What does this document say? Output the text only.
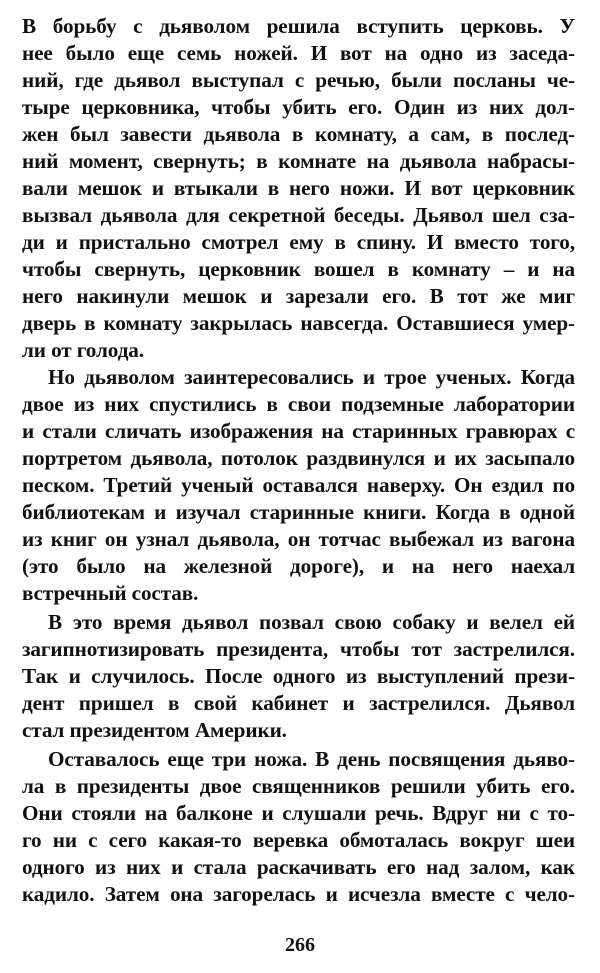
В борьбу с дьяволом решила вступить церковь. У
нее было еще семь ножей. И вот на одно из заседа-
ний, где дьявол выступал с речью, были посланы че-
тыре церковника, чтобы убить его. Один из них дол-
жен был завести дьявола в комнату, а сам, в послед-
ний момент, свернуть; в комнате на дьявола набрасы-
вали мешок и втыкали в него ножи. И вот церковник
вызвал дьявола для секретной беседы. Дьявол шел сза-
ди и пристально смотрел ему в спину. И вместо того,
чтобы свернуть, церковник вошел в комнату – и на
него накинули мешок и зарезали его. В тот же миг
дверь в комнату закрылась навсегда. Оставшиеся умер-
ли от голода.
Но дьяволом заинтересовались и трое ученых. Когда
двое из них спустились в свои подземные лаборатории
и стали сличать изображения на старинных гравюрах с
портретом дьявола, потолок раздвинулся и их засыпало
песком. Третий ученый оставался наверху. Он ездил по
библиотекам и изучал старинные книги. Когда в одной
из книг он узнал дьявола, он тотчас выбежал из вагона
(это было на железной дороге), и на него наехал
встречный состав.
В это время дьявол позвал свою собаку и велел ей
загипнотизировать президента, чтобы тот застрелился.
Так и случилось. После одного из выступлений прези-
дент пришел в свой кабинет и застрелился. Дьявол
стал президентом Америки.
Оставалось еще три ножа. В день посвящения дьяво-
ла в президенты двое священников решили убить его.
Они стояли на балконе и слушали речь. Вдруг ни с то-
го ни с сего какая-то веревка обмоталась вокруг шеи
одного из них и стала раскачивать его над залом, как
кадило. Затем она загорелась и исчезла вместе с чело-
266
